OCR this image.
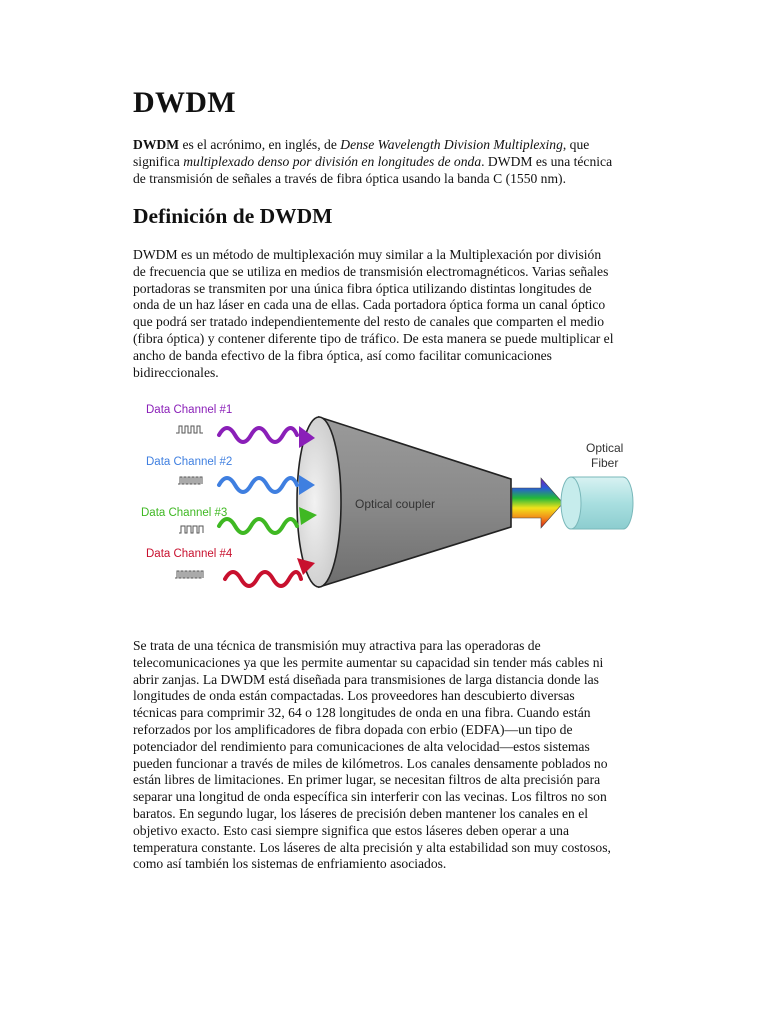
DWDM

DWDM es el acrónimo, en inglés, de Dense Wavelength Division Multiplexing, que
significa multiplexado denso por división en longitudes de onda. DWDM es una técnica
de transmisión de señales a través de fibra óptica usando la banda C (1550 nm).

Definición de DWDM

DWDM es un método de multiplexación muy similar a la Multiplexación por división
de frecuencia que se utiliza en medios de transmisión electromagnéticos. Varias señales
portadoras se transmiten por una única fibra óptica utilizando distintas longitudes de
onda de un haz láser en cada una de ellas. Cada portadora óptica forma un canal óptico
que podrá ser tratado independientemente del resto de canales que comparten el medio
(fibra óptica) y contener diferente tipo de tráfico. De esta manera se puede multiplicar el
ancho de banda efectivo de la fibra óptica, así como facilitar comunicaciones
bidireccionales.

Optical coupler
Optical
Fiber
Data Channel #1
Data Channel #2
Data Channel #3
Data Channel #4

Se trata de una técnica de transmisión muy atractiva para las operadoras de
telecomunicaciones ya que les permite aumentar su capacidad sin tender más cables ni
abrir zanjas. La DWDM está diseñada para transmisiones de larga distancia donde las
longitudes de onda están compactadas. Los proveedores han descubierto diversas
técnicas para comprimir 32, 64 o 128 longitudes de onda en una fibra. Cuando están
reforzados por los amplificadores de fibra dopada con erbio (EDFA)—un tipo de
potenciador del rendimiento para comunicaciones de alta velocidad—estos sistemas
pueden funcionar a través de miles de kilómetros. Los canales densamente poblados no
están libres de limitaciones. En primer lugar, se necesitan filtros de alta precisión para
separar una longitud de onda específica sin interferir con las vecinas. Los filtros no son
baratos. En segundo lugar, los láseres de precisión deben mantener los canales en el
objetivo exacto. Esto casi siempre significa que estos láseres deben operar a una
temperatura constante. Los láseres de alta precisión y alta estabilidad son muy costosos,
como así también los sistemas de enfriamiento asociados.
